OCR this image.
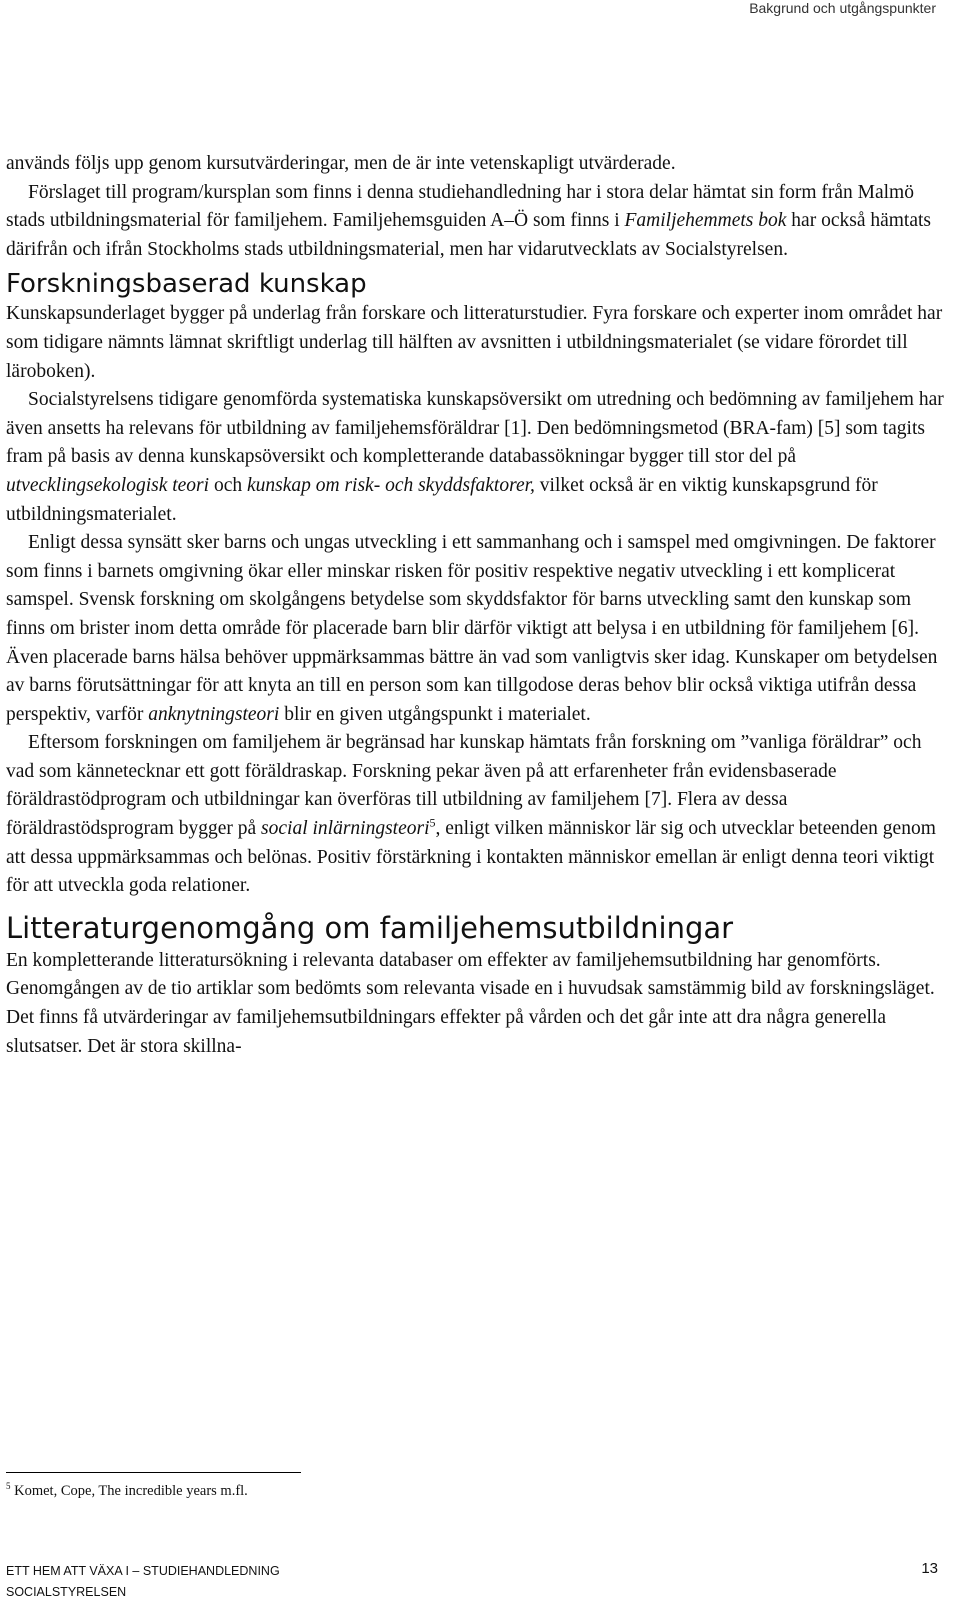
Bakgrund och utgångspunkter

används följs upp genom kursutvärderingar, men de är inte vetenskapligt utvärderade.

Förslaget till program/kursplan som finns i denna studiehandledning har i stora delar hämtat sin form från Malmö stads utbildningsmaterial för familjehem. Familjehemsguiden A–Ö som finns i Familjehemmets bok har också hämtats därifrån och ifrån Stockholms stads utbildningsmaterial, men har vidarutvecklats av Socialstyrelsen.

Forskningsbaserad kunskap

Kunskapsunderlaget bygger på underlag från forskare och litteraturstudier. Fyra forskare och experter inom området har som tidigare nämnts lämnat skriftligt underlag till hälften av avsnitten i utbildningsmaterialet (se vidare förordet till läroboken).

Socialstyrelsens tidigare genomförda systematiska kunskapsöversikt om utredning och bedömning av familjehem har även ansetts ha relevans för utbildning av familjehemsföräldrar [1]. Den bedömningsmetod (BRA-fam) [5] som tagits fram på basis av denna kunskapsöversikt och kompletterande databassökningar bygger till stor del på utvecklingsekologisk teori och kunskap om risk- och skyddsfaktorer, vilket också är en viktig kunskapsgrund för utbildningsmaterialet.

Enligt dessa synsätt sker barns och ungas utveckling i ett sammanhang och i samspel med omgivningen. De faktorer som finns i barnets omgivning ökar eller minskar risken för positiv respektive negativ utveckling i ett komplicerat samspel. Svensk forskning om skolgångens betydelse som skyddsfaktor för barns utveckling samt den kunskap som finns om brister inom detta område för placerade barn blir därför viktigt att belysa i en utbildning för familjehem [6]. Även placerade barns hälsa behöver uppmärksammas bättre än vad som vanligtvis sker idag. Kunskaper om betydelsen av barns förutsättningar för att knyta an till en person som kan tillgodose deras behov blir också viktiga utifrån dessa perspektiv, varför anknytningsteori blir en given utgångspunkt i materialet.

Eftersom forskningen om familjehem är begränsad har kunskap hämtats från forskning om ”vanliga föräldrar” och vad som kännetecknar ett gott föräldraskap. Forskning pekar även på att erfarenheter från evidensbaserade föräldrastödprogram och utbildningar kan överföras till utbildning av familjehem [7]. Flera av dessa föräldrastödsprogram bygger på social inlärningsteori$^5$, enligt vilken människor lär sig och utvecklar beteenden genom att dessa uppmärksammas och belönas. Positiv förstärkning i kontakten människor emellan är enligt denna teori viktigt för att utveckla goda relationer.

Litteraturgenomgång om familjehemsutbildningar

En kompletterande litteratursökning i relevanta databaser om effekter av familjehemsutbildning har genomförts. Genomgången av de tio artiklar som bedömts som relevanta visade en i huvudsak samstämmig bild av forskningsläget. Det finns få utvärderingar av familjehemsutbildningars effekter på vården och det går inte att dra några generella slutsatser. Det är stora skillna-

$^5$ Komet, Cope, The incredible years m.fl.
ETT HEM ATT VÄXA I – STUDIEHANDLEDNING
SOCIALSTYRELSEN
13
